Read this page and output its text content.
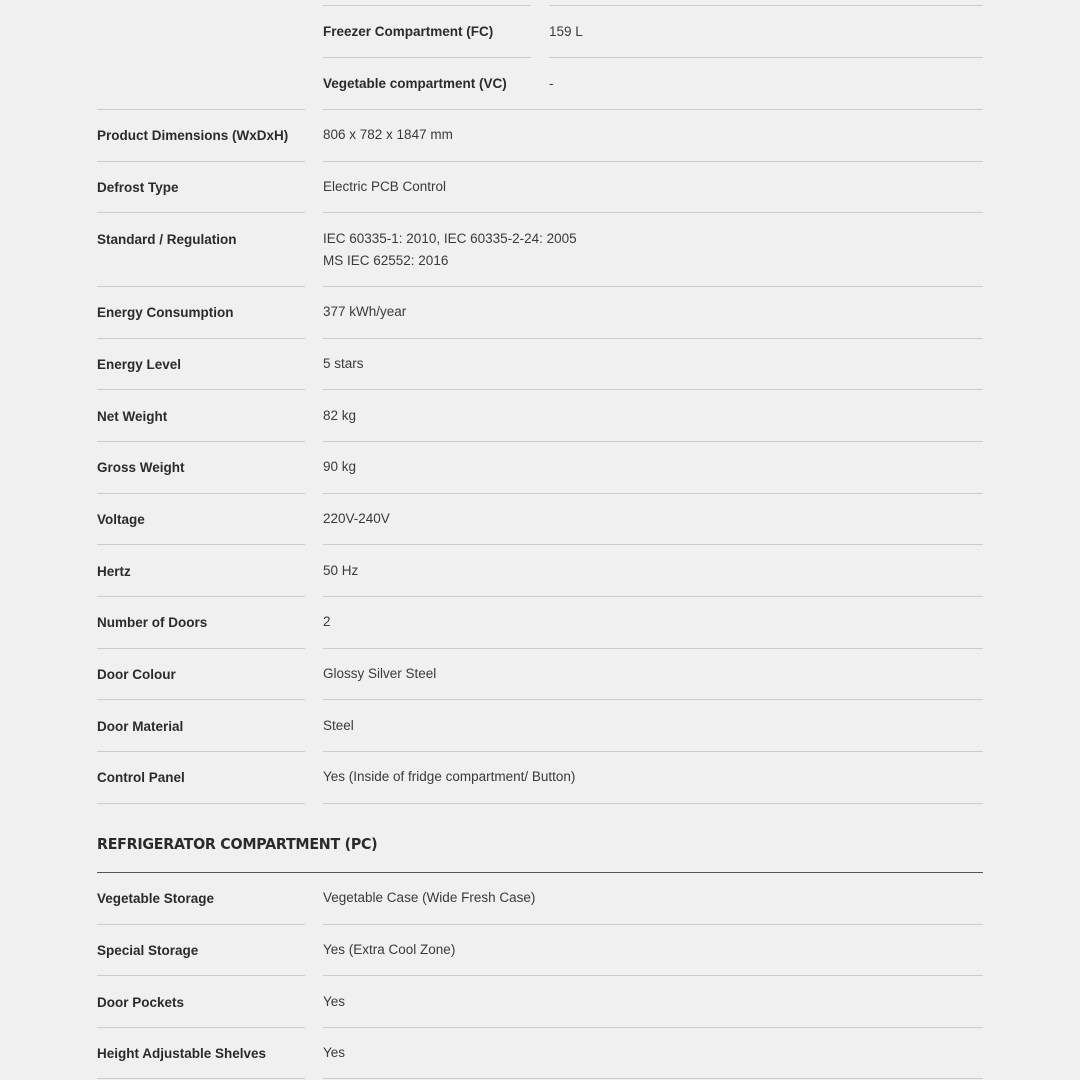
Freezer Compartment (FC)	159 L
Vegetable compartment (VC)	-
Product Dimensions (WxDxH)	806 x 782 x 1847 mm
Defrost Type	Electric PCB Control
Standard / Regulation	IEC 60335-1: 2010, IEC 60335-2-24: 2005
MS IEC 62552: 2016
Energy Consumption	377 kWh/year
Energy Level	5 stars
Net Weight	82 kg
Gross Weight	90 kg
Voltage	220V-240V
Hertz	50 Hz
Number of Doors	2
Door Colour	Glossy Silver Steel
Door Material	Steel
Control Panel	Yes (Inside of fridge compartment/ Button)
REFRIGERATOR COMPARTMENT (PC)
Vegetable Storage	Vegetable Case (Wide Fresh Case)
Special Storage	Yes (Extra Cool Zone)
Door Pockets	Yes
Height Adjustable Shelves	Yes
